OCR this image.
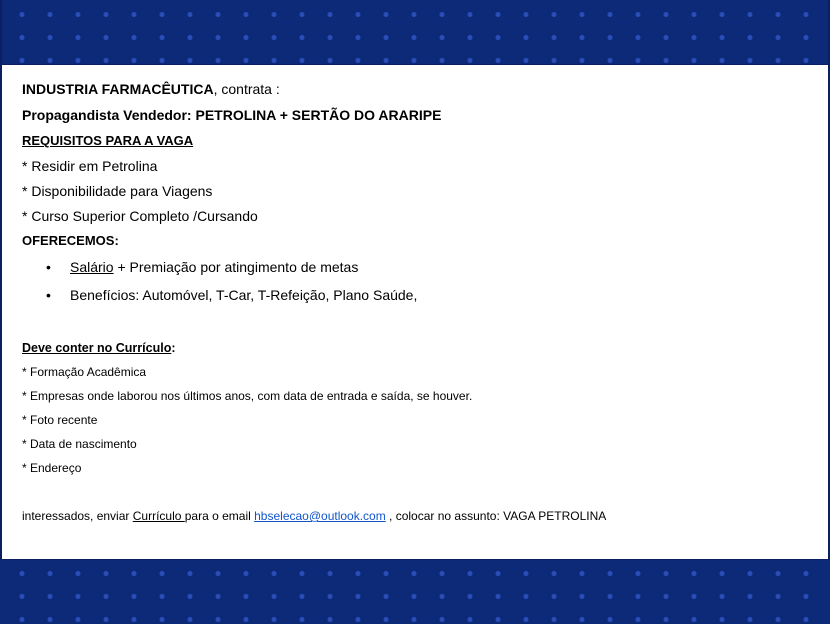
INDUSTRIA FARMACÊUTICA, contrata :
Propagandista Vendedor: PETROLINA + SERTÃO DO ARARIPE
REQUISITOS PARA A VAGA
* Residir em Petrolina
* Disponibilidade para Viagens
* Curso Superior Completo /Cursando
OFERECEMOS:
• Salário + Premiação por atingimento de metas
• Benefícios: Automóvel, T-Car, T-Refeição, Plano Saúde,
Deve conter no Currículo:
* Formação Acadêmica
* Empresas onde laborou nos últimos anos, com data de entrada e saída, se houver.
* Foto recente
* Data de nascimento
* Endereço
interessados, enviar Currículo para o email hbselecao@outlook.com , colocar no assunto: VAGA PETROLINA
